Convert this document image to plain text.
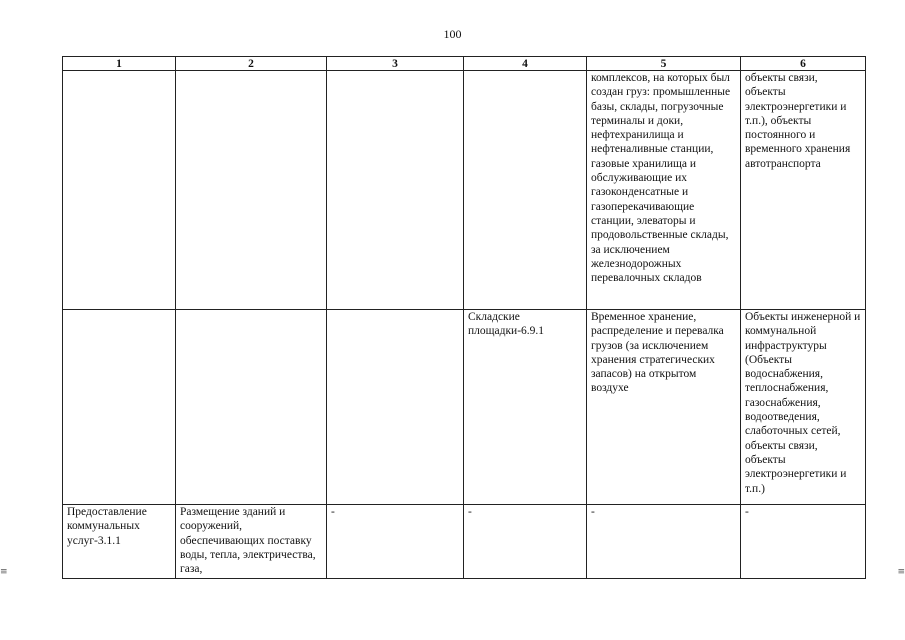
100
1	2	3	4	5	6

				комплексов, на которых был создан груз: промышленные базы, склады, погрузочные терминалы и доки, нефтехранилища и нефтеналивные станции, газовые хранилища и обслуживающие их газоконденсатные и газоперекачивающие станции, элеваторы и продовольственные склады, за исключением железнодорожных перевалочных складов	объекты связи, объекты электроэнергетики и т.п.), объекты постоянного и временного хранения автотранспорта

			Складские площадки-6.9.1	Временное хранение, распределение и перевалка грузов (за исключением хранения стратегических запасов) на открытом воздухе	Объекты инженерной и коммунальной инфраструктуры (Объекты водоснабжения, теплоснабжения, газоснабжения, водоотведения, слаботочных сетей, объекты связи, объекты электроэнергетики и т.п.)

Предоставление коммунальных услуг-3.1.1	Размещение зданий и сооружений, обеспечивающих поставку воды, тепла, электричества, газа,	-	-	-	-

≡	≡
